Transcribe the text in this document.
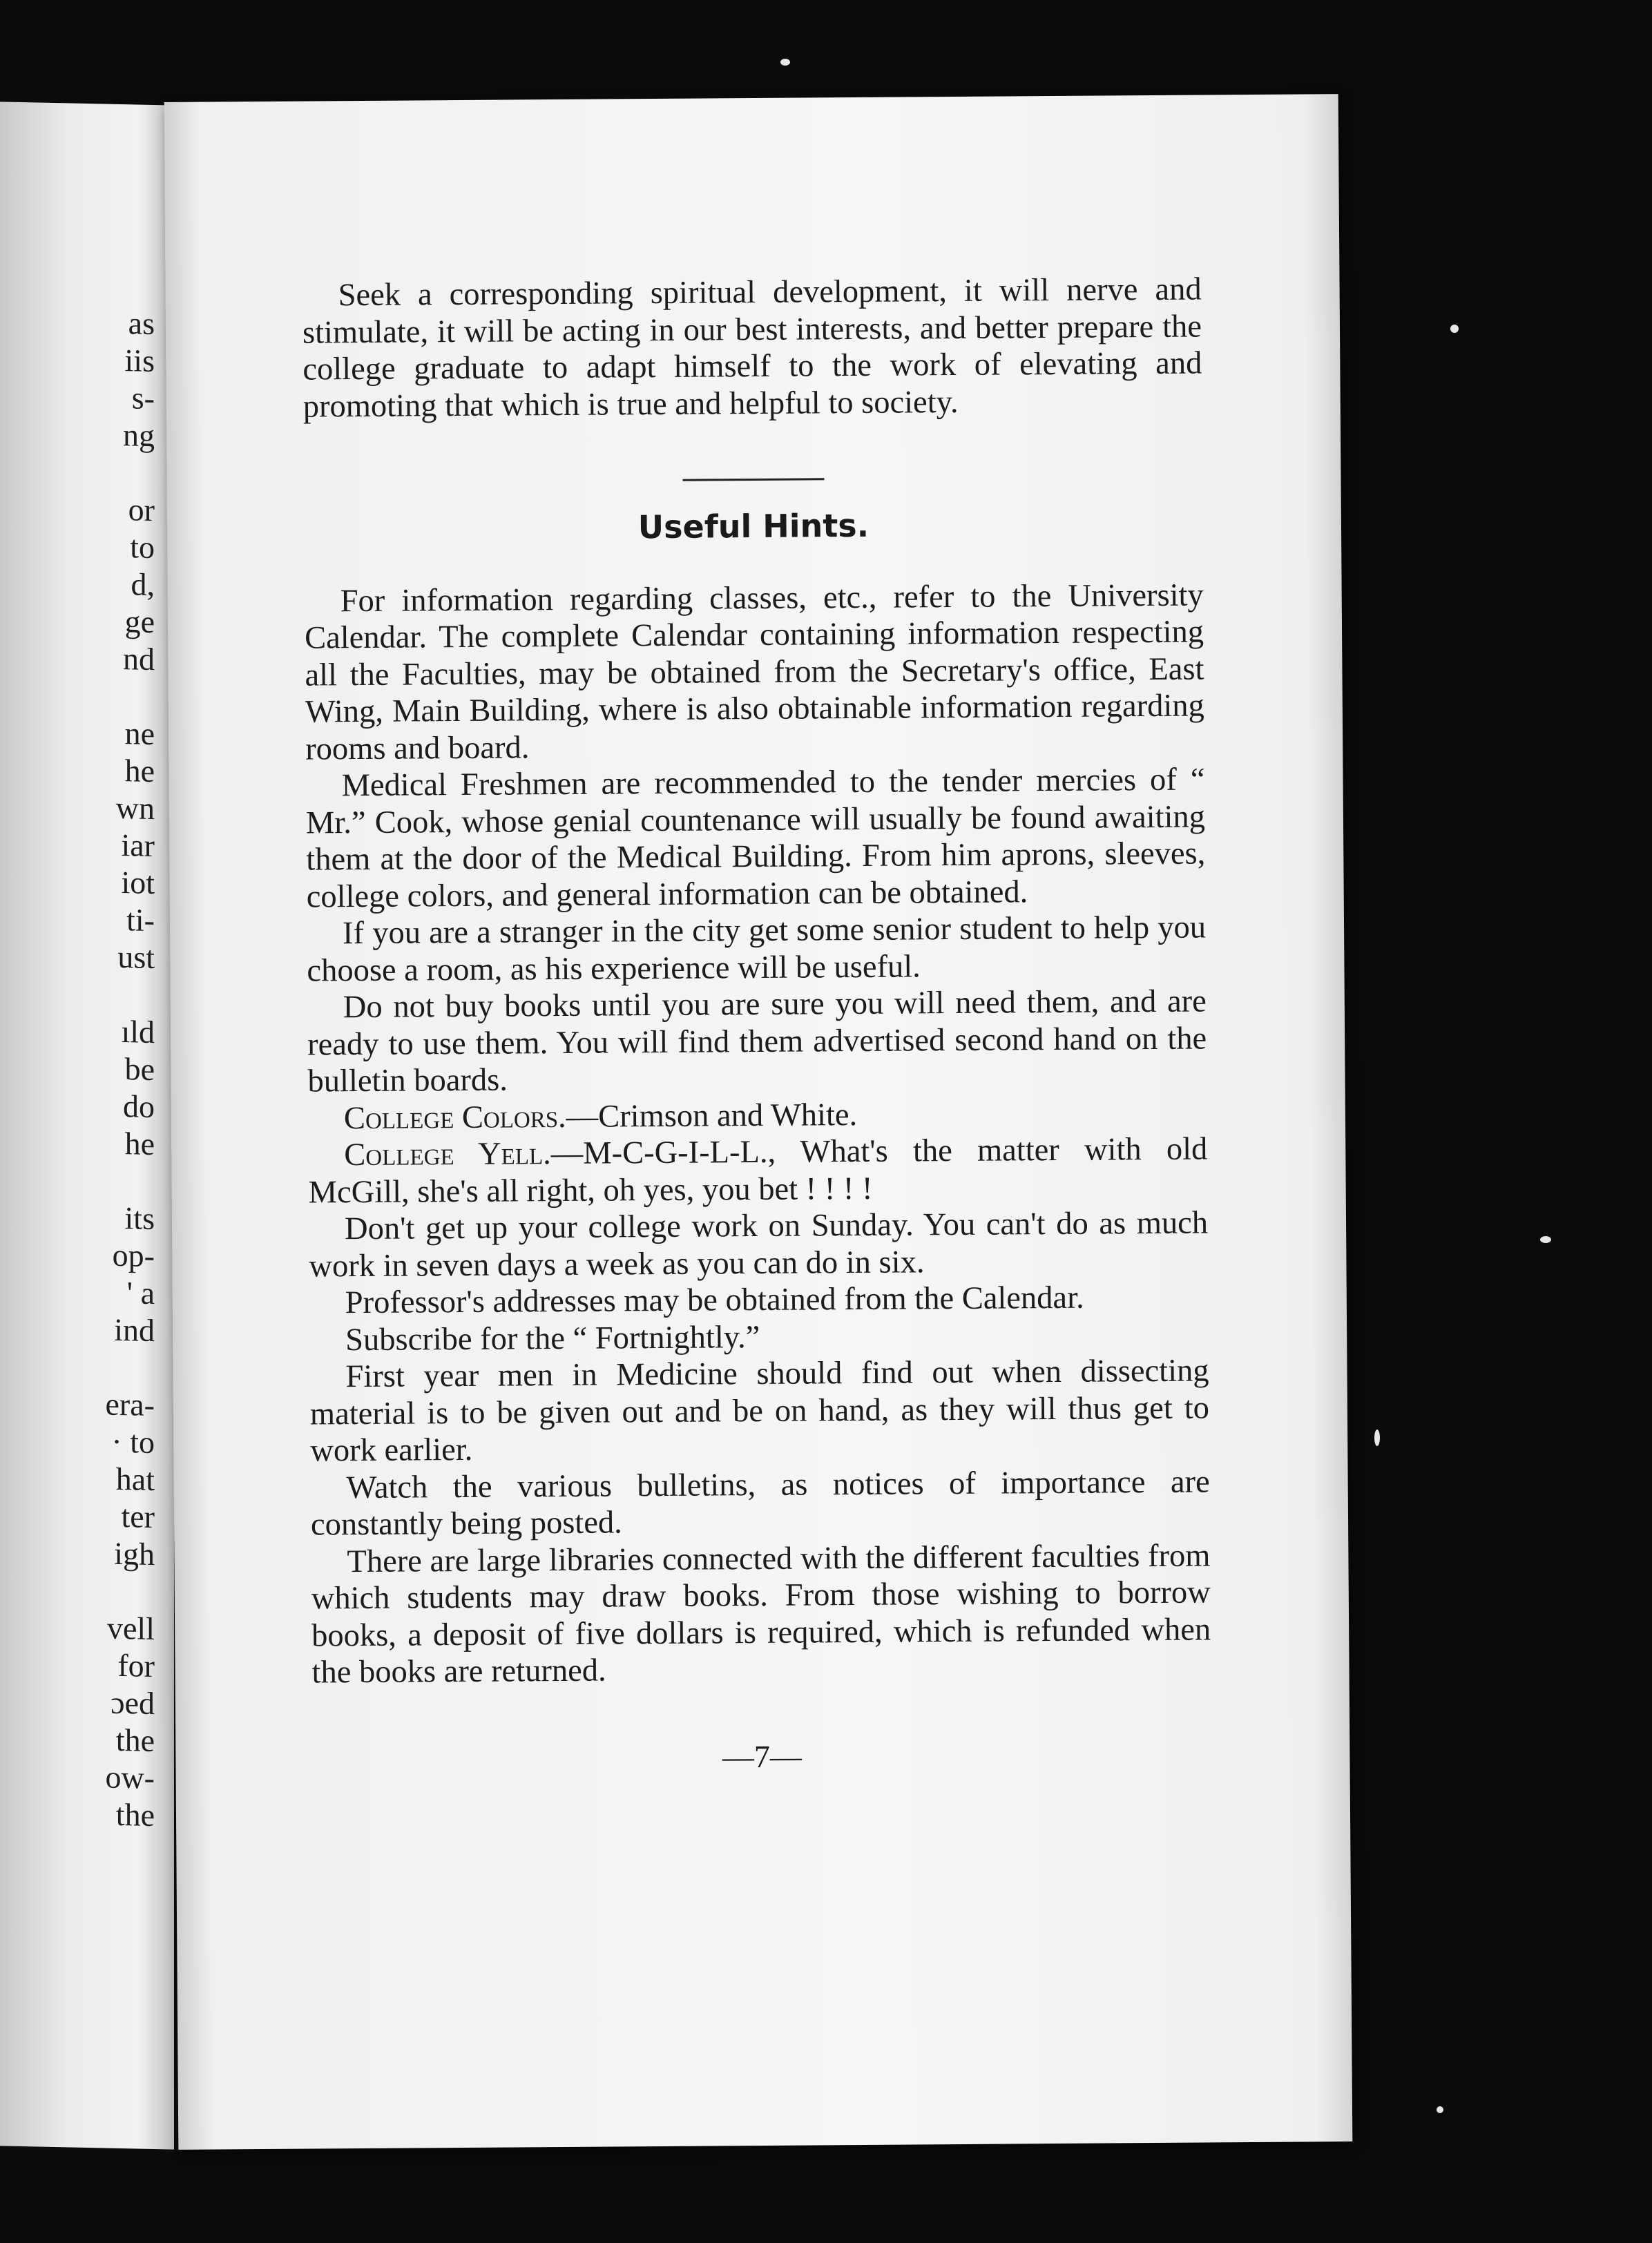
as
iis
s-
ng
or
to
d,
ge
nd
ne
he
wn
iar
iot
ti-
ust
ıld
be
do
he
its
op-
' a
ind
era-
· to
hat
ter
igh
vell
for
ɔed
the
ow-
the

Seek a corresponding spiritual development, it will nerve and stimulate, it will be acting in our best interests, and better prepare the college graduate to adapt himself to the work of elevating and promoting that which is true and helpful to society.

Useful Hints.

For information regarding classes, etc., refer to the University Calendar. The complete Calendar containing information respecting all the Faculties, may be obtained from the Secretary's office, East Wing, Main Building, where is also obtainable information regarding rooms and board.

Medical Freshmen are recommended to the tender mercies of “ Mr.” Cook, whose genial countenance will usually be found awaiting them at the door of the Medical Building. From him aprons, sleeves, college colors, and general information can be obtained.

If you are a stranger in the city get some senior student to help you choose a room, as his experience will be useful.

Do not buy books until you are sure you will need them, and are ready to use them. You will find them advertised second hand on the bulletin boards.

College Colors.—Crimson and White.

College Yell.—M-C-G-I-L-L., What's the matter with old McGill, she's all right, oh yes, you bet ! ! ! !

Don't get up your college work on Sunday. You can't do as much work in seven days a week as you can do in six.

Professor's addresses may be obtained from the Calendar.

Subscribe for the “ Fortnightly.”

First year men in Medicine should find out when dissecting material is to be given out and be on hand, as they will thus get to work earlier.

Watch the various bulletins, as notices of importance are constantly being posted.

There are large libraries connected with the different faculties from which students may draw books. From those wishing to borrow books, a deposit of five dollars is required, which is refunded when the books are returned.

—7—
